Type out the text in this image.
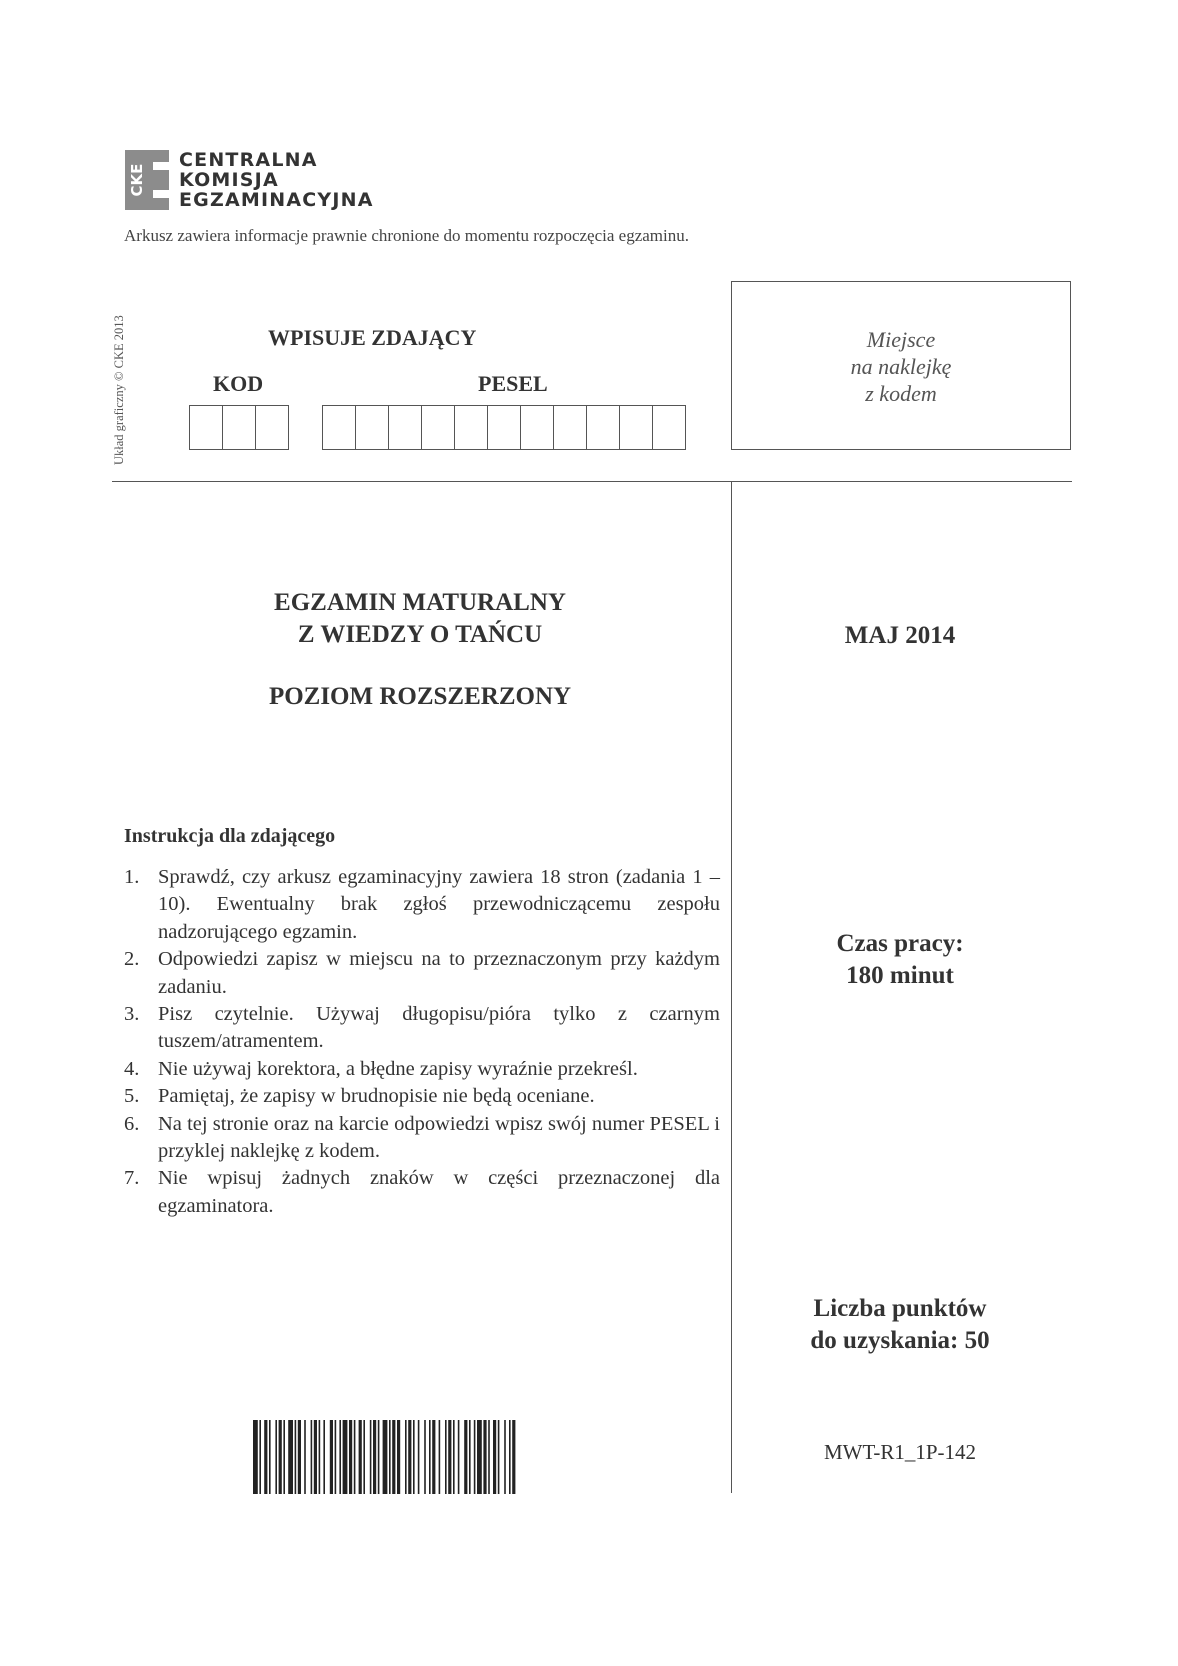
CKE
CENTRALNA
KOMISJA
EGZAMINACYJNA
Arkusz zawiera informacje prawnie chronione do momentu rozpoczęcia egzaminu.
Układ graficzny © CKE 2013	WPISUJE ZDAJĄCY
KOD	PESEL
Miejsce
na naklejkę
z kodem
EGZAMIN MATURALNY
Z WIEDZY O TAŃCU
POZIOM ROZSZERZONY
MAJ 2014
Instrukcja dla zdającego
1. Sprawdź, czy arkusz egzaminacyjny zawiera 18 stron (zadania 1 – 10). Ewentualny brak zgłoś przewodniczącemu zespołu nadzorującego egzamin.
2. Odpowiedzi zapisz w miejscu na to przeznaczonym przy każdym zadaniu.
3. Pisz czytelnie. Używaj długopisu/pióra tylko z czarnym tuszem/atramentem.
4. Nie używaj korektora, a błędne zapisy wyraźnie przekreśl.
5. Pamiętaj, że zapisy w brudnopisie nie będą oceniane.
6. Na tej stronie oraz na karcie odpowiedzi wpisz swój numer PESEL i przyklej naklejkę z kodem.
7. Nie wpisuj żadnych znaków w części przeznaczonej dla egzaminatora.
Czas pracy:
180 minut
Liczba punktów
do uzyskania: 50
MWT-R1_1P-142
